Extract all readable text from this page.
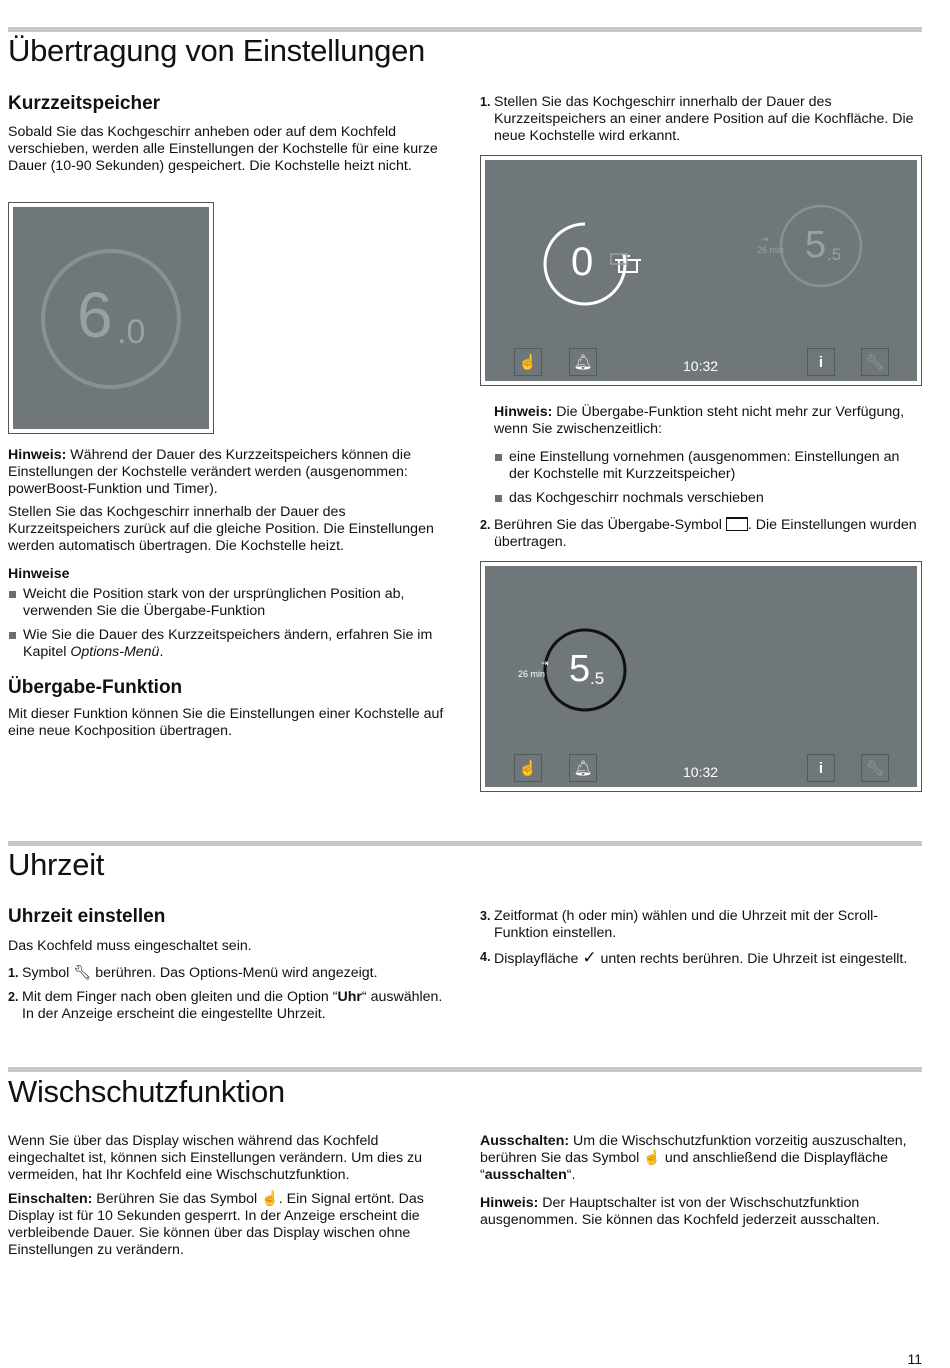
Übertragung von Einstellungen
Kurzzeitspeicher

Sobald Sie das Kochgeschirr anheben oder auf dem Kochfeld verschieben, werden alle Einstellungen der Kochstelle für eine kurze Dauer (10-90 Sekunden) gespeichert. Die Kochstelle heizt nicht.

6 .0

Hinweis: Während der Dauer des Kurzzeitspeichers können die Einstellungen der Kochstelle verändert werden (ausgenommen: powerBoost-Funktion und Timer).

Stellen Sie das Kochgeschirr innerhalb der Dauer des Kurzzeitspeichers zurück auf die gleiche Position. Die Einstellungen werden automatisch übertragen. Die Kochstelle heizt.

Hinweise

Weicht die Position stark von der ursprünglichen Position ab, verwenden Sie die Übergabe-Funktion
Wie Sie die Dauer des Kurzzeitspeichers ändern, erfahren Sie im Kapitel Options-Menü.
Übergabe-Funktion

Mit dieser Funktion können Sie die Einstellungen einer Kochstelle auf eine neue Kochposition übertragen.

1. Stellen Sie das Kochgeschirr innerhalb der Dauer des Kurzzeitspeichers an einer andere Position auf die Kochfläche. Die neue Kochstelle wird erkannt.
0
⇥
26 min 5 .5
☝	🔔︎	10:32	i	🔧︎

Hinweis: Die Übergabe-Funktion steht nicht mehr zur Verfügung, wenn Sie zwischenzeitlich:

eine Einstellung vornehmen (ausgenommen: Einstellungen an der Kochstelle mit Kurzzeitspeicher)
das Kochgeschirr nochmals verschieben
2. Berühren Sie das Übergabe-Symbol . Die Einstellungen wurden übertragen.
⇥
26 min 5 .5
☝	🔔︎	10:32	i	🔧︎
Uhrzeit
Uhrzeit einstellen

Das Kochfeld muss eingeschaltet sein.

1. Symbol 🔧︎ berühren. Das Options-Menü wird angezeigt.
2. Mit dem Finger nach oben gleiten und die Option “Uhr“ auswählen. In der Anzeige erscheint die eingestellte Uhrzeit.
3. Zeitformat (h oder min) wählen und die Uhrzeit mit der Scroll-Funktion einstellen.
4. Displayfläche ✓ unten rechts berühren. Die Uhrzeit ist eingestellt.
Wischschutzfunktion

Wenn Sie über das Display wischen während das Kochfeld eingechaltet ist, können sich Einstellungen verändern. Um dies zu vermeiden, hat Ihr Kochfeld eine Wischschutzfunktion.

Einschalten: Berühren Sie das Symbol ☝. Ein Signal ertönt. Das Display ist für 10 Sekunden gesperrt. In der Anzeige erscheint die verbleibende Dauer. Sie können über das Display wischen ohne Einstellungen zu verändern.

Ausschalten: Um die Wischschutzfunktion vorzeitig auszuschalten, berühren Sie das Symbol ☝ und anschließend die Displayfläche “ausschalten“.

Hinweis: Der Hauptschalter ist von der Wischschutzfunktion ausgenommen. Sie können das Kochfeld jederzeit ausschalten.

11
